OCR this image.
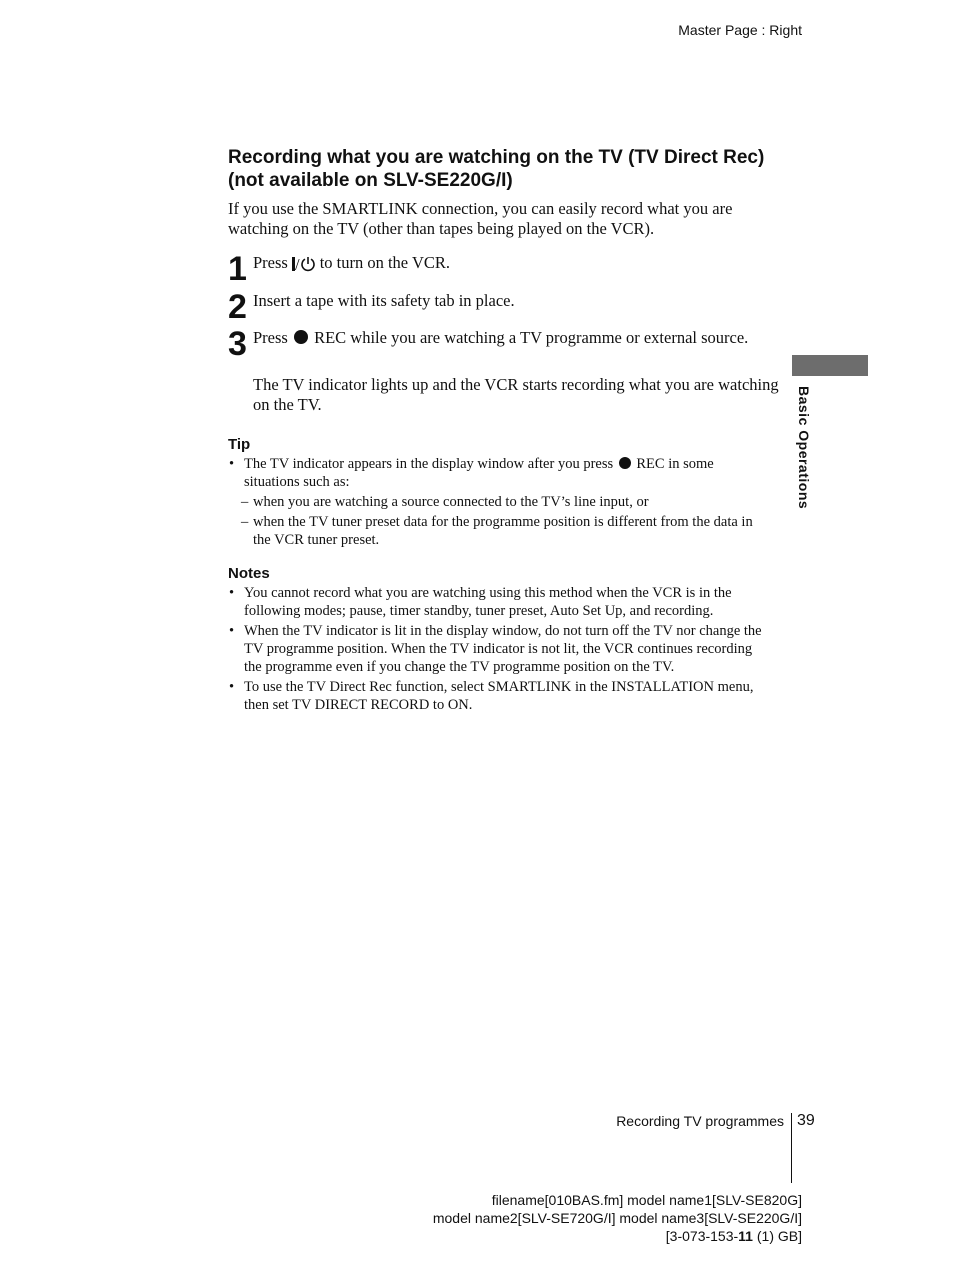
Master Page : Right
Recording what you are watching on the TV (TV Direct Rec) (not available on SLV-SE220G/I)
If you use the SMARTLINK connection, you can easily record what you are watching on the TV (other than tapes being played on the VCR).
1 Press / to turn on the VCR.
2 Insert a tape with its safety tab in place.
3 Press  REC while you are watching a TV programme or external source.
The TV indicator lights up and the VCR starts recording what you are watching on the TV.
Tip
• The TV indicator appears in the display window after you press  REC in some situations such as:
– when you are watching a source connected to the TV’s line input, or
– when the TV tuner preset data for the programme position is different from the data in the VCR tuner preset.
Notes
• You cannot record what you are watching using this method when the VCR is in the following modes; pause, timer standby, tuner preset, Auto Set Up, and recording.
• When the TV indicator is lit in the display window, do not turn off the TV nor change the TV programme position. When the TV indicator is not lit, the VCR continues recording the programme even if you change the TV programme position on the TV.
• To use the TV Direct Rec function, select SMARTLINK in the INSTALLATION menu, then set TV DIRECT RECORD to ON.
Basic Operations
Recording TV programmes 39
filename[010BAS.fm] model name1[SLV-SE820G]
model name2[SLV-SE720G/I] model name3[SLV-SE220G/I]
[3-073-153-11 (1) GB]
